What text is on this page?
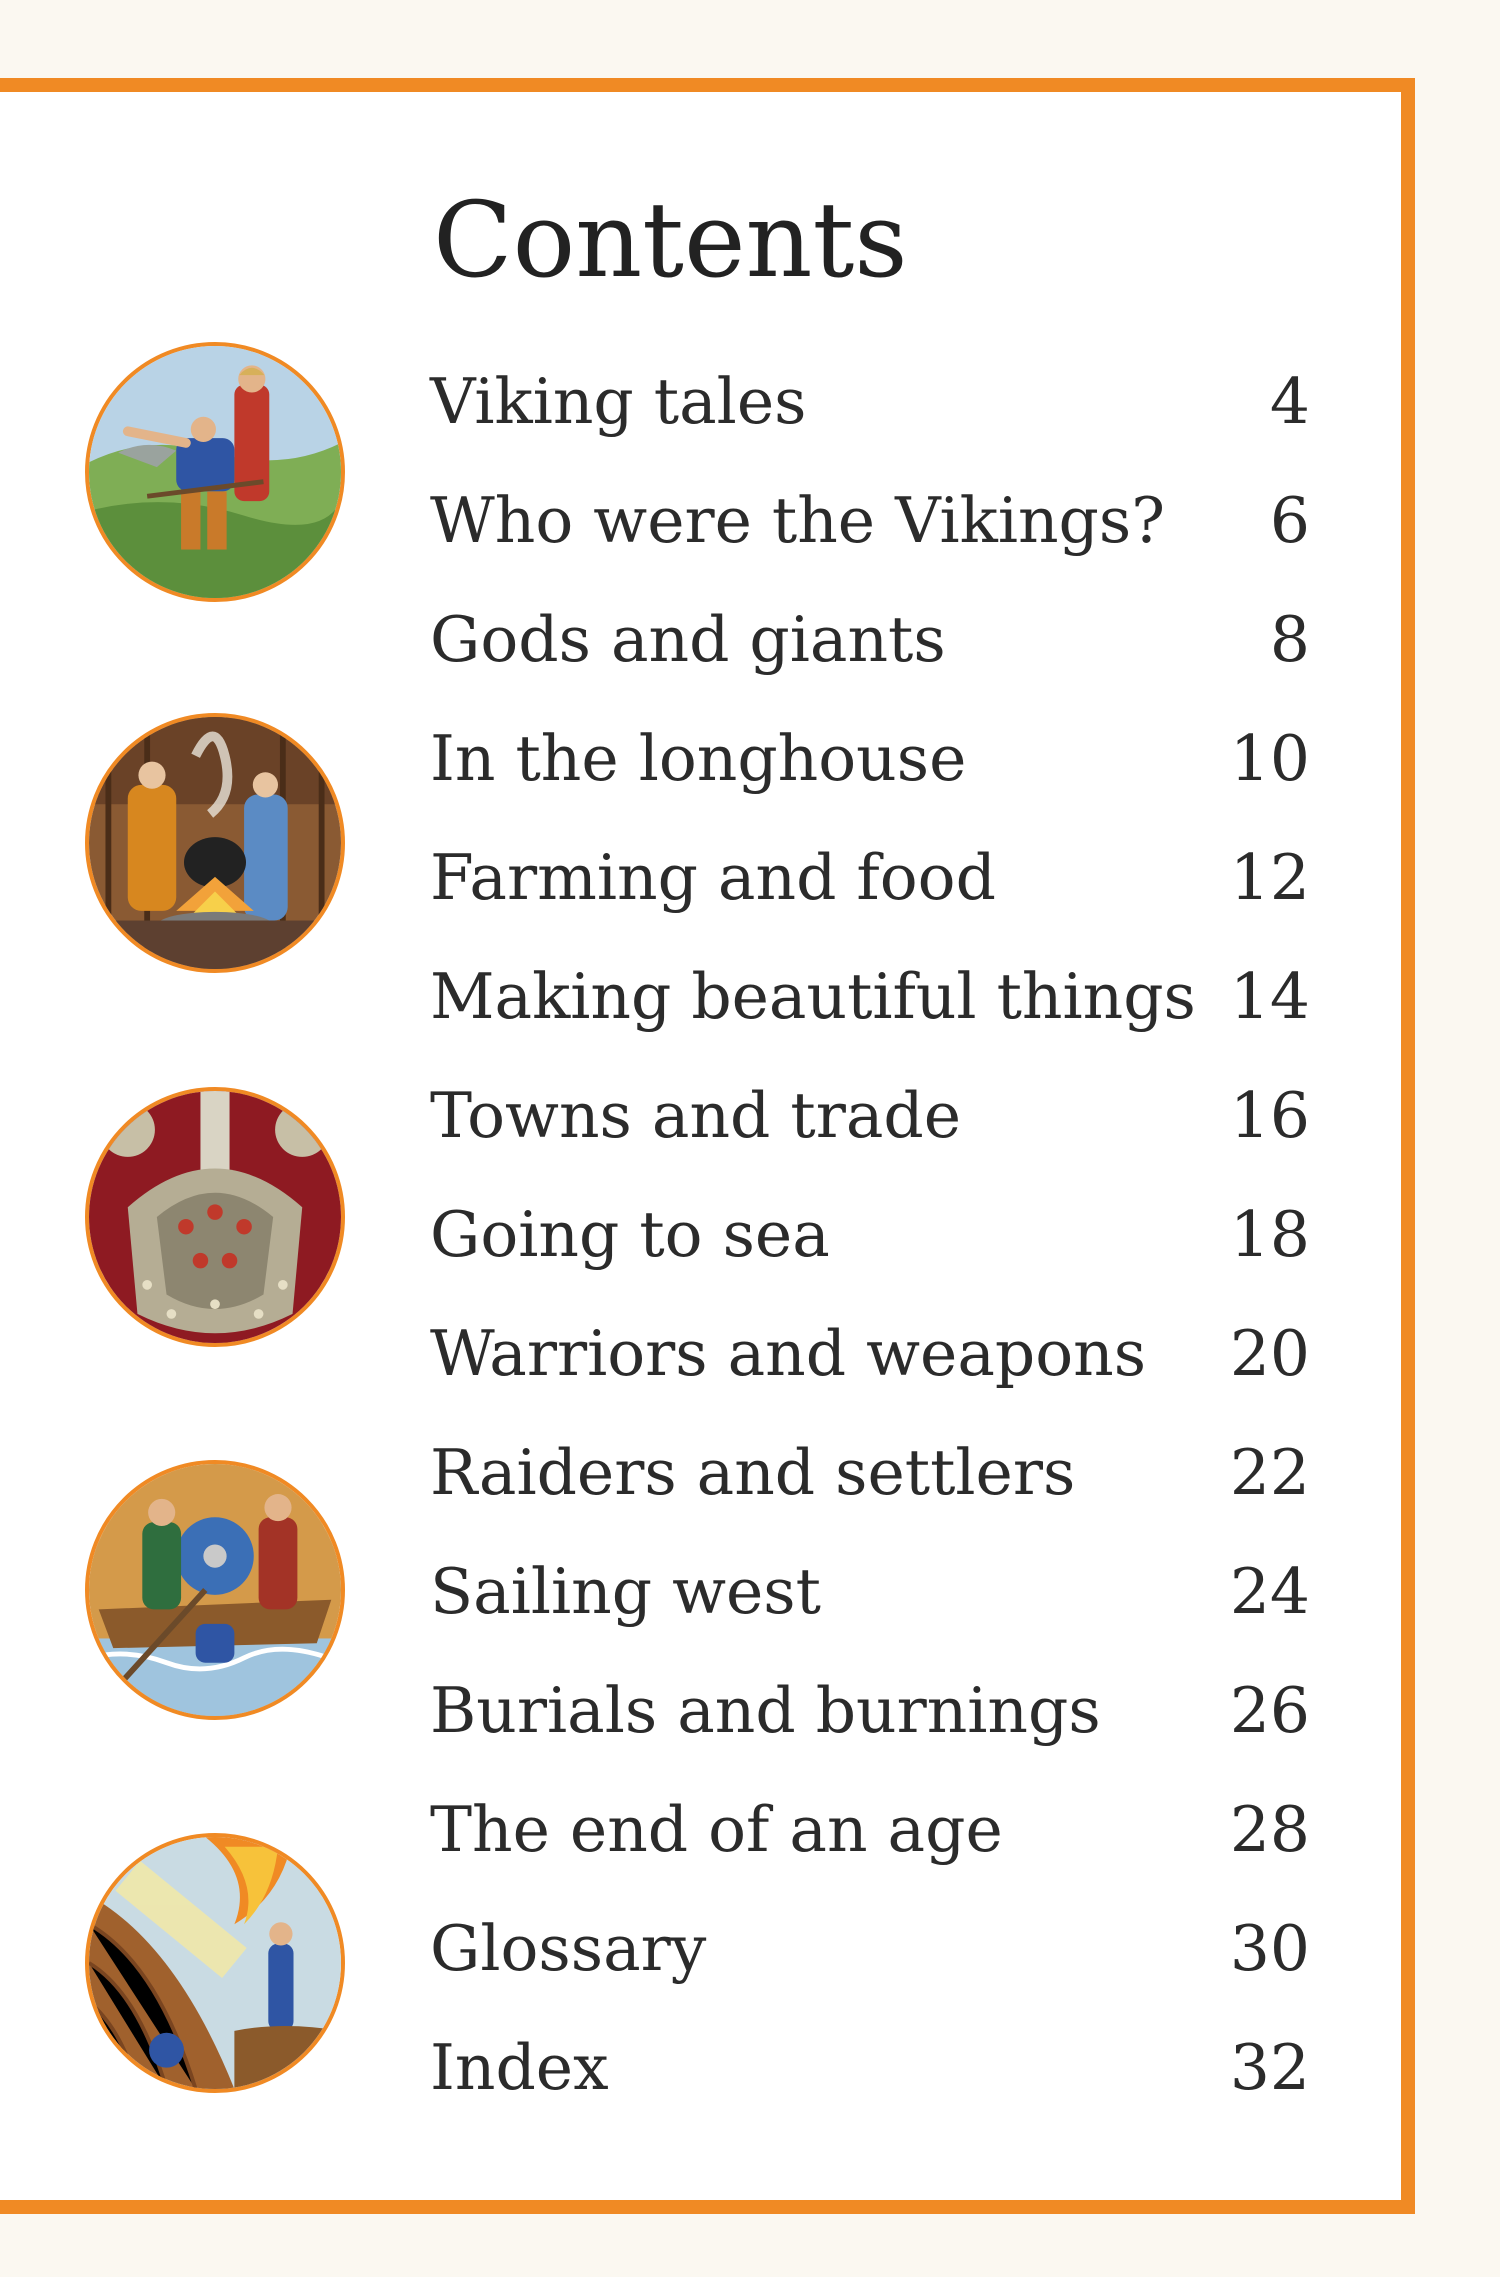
Contents
Viking tales	4
Who were the Vikings?	6
Gods and giants	8
In the longhouse	10
Farming and food	12
Making beautiful things 14
Towns and trade	16
Going to sea	18
Warriors and weapons	20
Raiders and settlers	22
Sailing west	24
Burials and burnings	26
The end of an age	28
Glossary	30
Index	32
